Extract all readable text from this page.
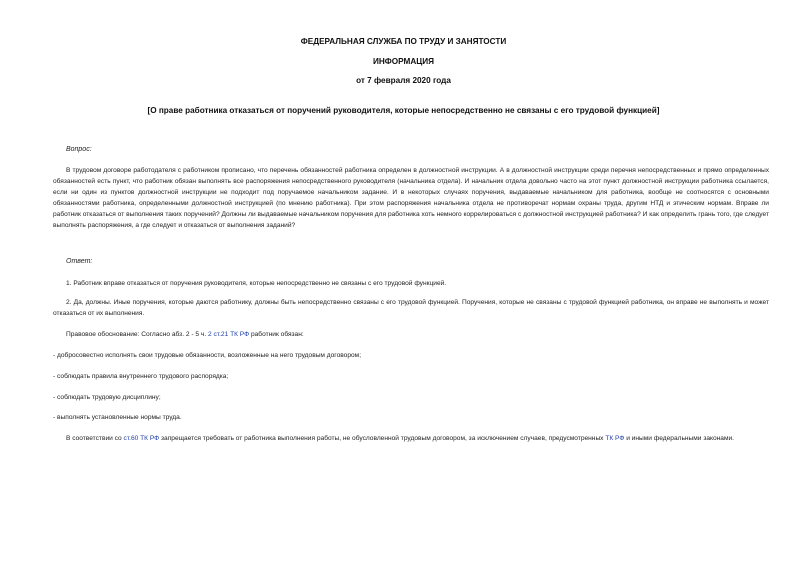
ФЕДЕРАЛЬНАЯ СЛУЖБА ПО ТРУДУ И ЗАНЯТОСТИ
ИНФОРМАЦИЯ
от 7 февраля 2020 года
[О праве работника отказаться от поручений руководителя, которые непосредственно не связаны с его трудовой функцией]
Вопрос:
В трудовом договоре работодателя с работником прописано, что перечень обязанностей работника определен в должностной инструкции. А в должностной инструкции среди перечня непосредственных и прямо определенных обязанностей есть пункт, что работник обязан выполнять все распоряжения непосредственного руководителя (начальника отдела). И начальник отдела довольно часто на этот пункт должностной инструкции работника ссылается, если ни один из пунктов должностной инструкции не подходит под поручаемое начальником задание. И в некоторых случаях поручения, выдаваемые начальником для работника, вообще не соотносятся с основными обязанностями работника, определенными должностной инструкцией (по мнению работника). При этом распоряжения начальника отдела не противоречат нормам охраны труда, другим НТД и этическим нормам. Вправе ли работник отказаться от выполнения таких поручений? Должны ли выдаваемые начальником поручения для работника хоть немного коррелироваться с должностной инструкцией работника? И как определить грань того, где следует выполнять распоряжения, а где следует и отказаться от выполнения заданий?
Ответ:
1. Работник вправе отказаться от поручения руководителя, которые непосредственно не связаны с его трудовой функцией.
2. Да, должны. Иные поручения, которые даются работнику, должны быть непосредственно связаны с его трудовой функцией. Поручения, которые не связаны с трудовой функцией работника, он вправе не выполнять и может отказаться от их выполнения.
Правовое обоснование: Согласно абз. 2 - 5 ч. 2 ст.21 ТК РФ работник обязан:
- добросовестно исполнять свои трудовые обязанности, возложенные на него трудовым договором;
- соблюдать правила внутреннего трудового распорядка;
- соблюдать трудовую дисциплину;
- выполнять установленные нормы труда.
В соответствии со ст.60 ТК РФ запрещается требовать от работника выполнения работы, не обусловленной трудовым договором, за исключением случаев, предусмотренных ТК РФ и иными федеральными законами.
